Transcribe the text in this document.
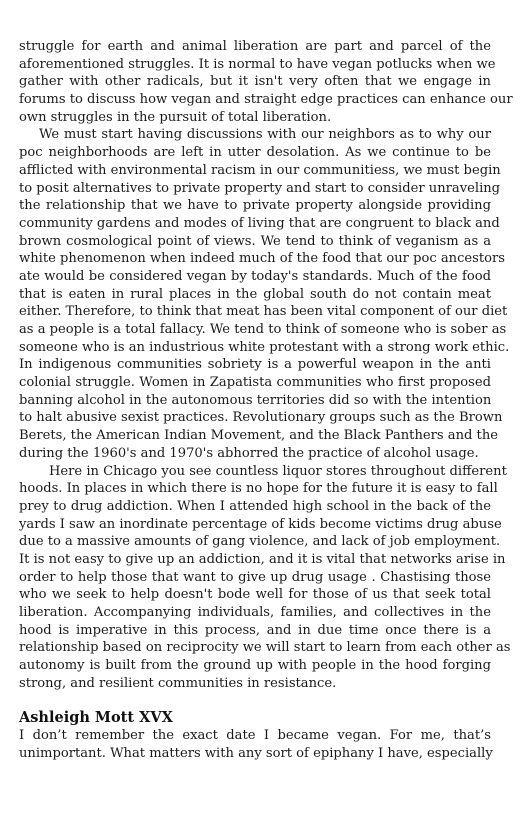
struggle for earth and animal liberation are part and parcel of the
aforementioned struggles. It is normal to have vegan potlucks when we
gather with other radicals, but it isn't very often that we engage in
forums to discuss how vegan and straight edge practices can enhance our
own struggles in the pursuit of total liberation.
We must start having discussions with our neighbors as to why our
poc neighborhoods are left in utter desolation. As we continue to be
afflicted with environmental racism in our communitiess, we must begin
to posit alternatives to private property and start to consider unraveling
the relationship that we have to private property alongside providing
community gardens and modes of living that are congruent to black and
brown cosmological point of views. We tend to think of veganism as a
white phenomenon when indeed much of the food that our poc ancestors
ate would be considered vegan by today's standards. Much of the food
that is eaten in rural places in the global south do not contain meat
either. Therefore, to think that meat has been vital component of our diet
as a people is a total fallacy. We tend to think of someone who is sober as
someone who is an industrious white protestant with a strong work ethic.
In indigenous communities sobriety is a powerful weapon in the anti
colonial struggle. Women in Zapatista communities who first proposed
banning alcohol in the autonomous territories did so with the intention
to halt abusive sexist practices. Revolutionary groups such as the Brown
Berets, the American Indian Movement, and the Black Panthers and the
during the 1960's and 1970's abhorred the practice of alcohol usage.
Here in Chicago you see countless liquor stores throughout different
hoods. In places in which there is no hope for the future it is easy to fall
prey to drug addiction. When I attended high school in the back of the
yards I saw an inordinate percentage of kids become victims drug abuse
due to a massive amounts of gang violence, and lack of job employment.
It is not easy to give up an addiction, and it is vital that networks arise in
order to help those that want to give up drug usage . Chastising those
who we seek to help doesn't bode well for those of us that seek total
liberation. Accompanying individuals, families, and collectives in the
hood is imperative in this process, and in due time once there is a
relationship based on reciprocity we will start to learn from each other as
autonomy is built from the ground up with people in the hood forging
strong, and resilient communities in resistance.
Ashleigh Mott XVX
I don’t remember the exact date I became vegan. For me, that’s
unimportant. What matters with any sort of epiphany I have, especially
